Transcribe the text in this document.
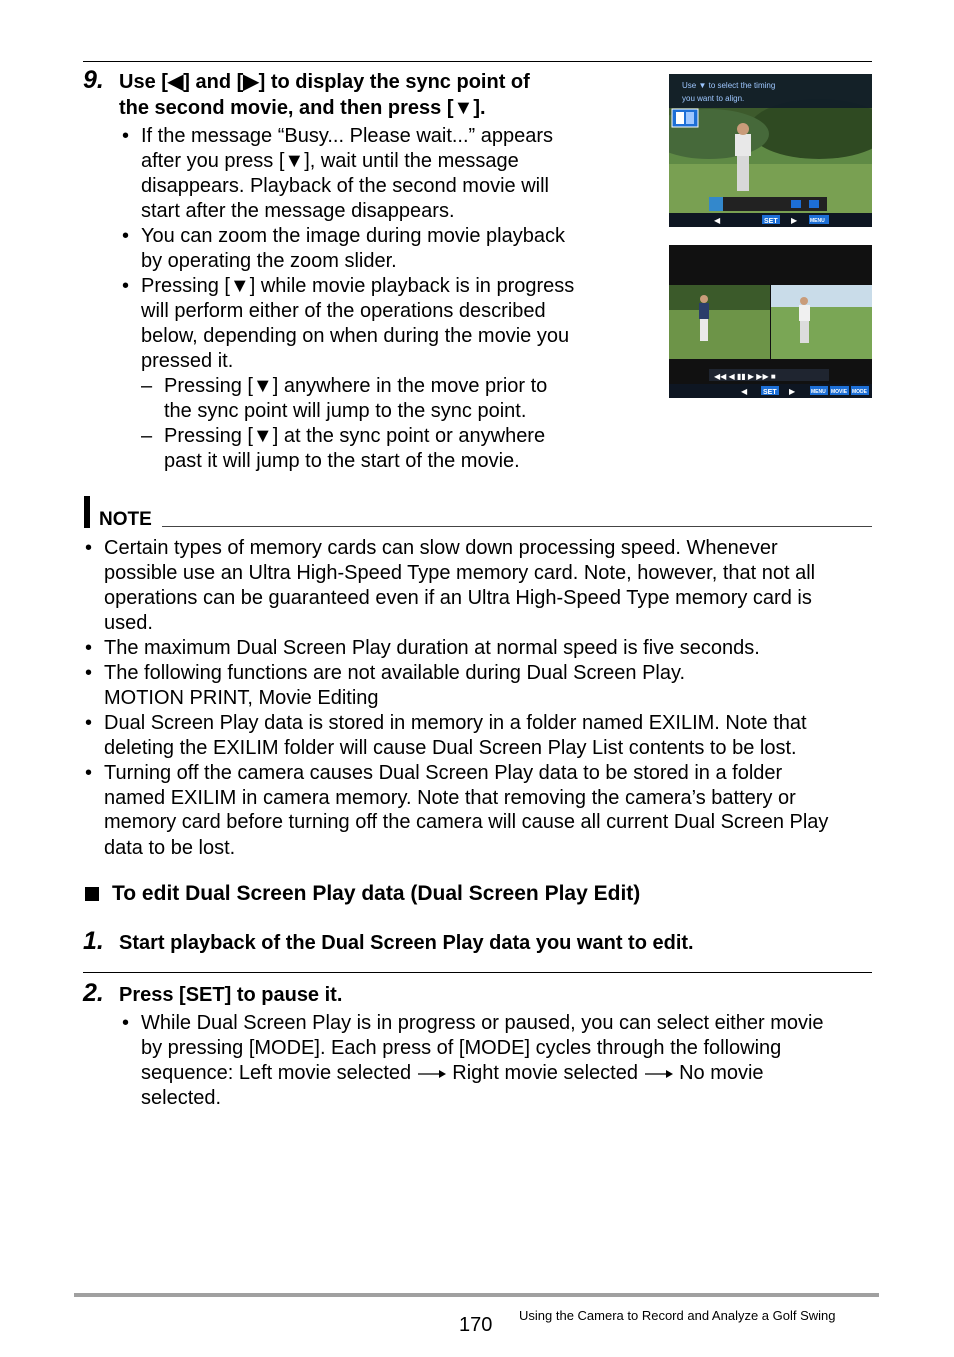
9. Use [◀] and [▶] to display the sync point of
the second movie, and then press [▼].
• If the message “Busy... Please wait...” appears
after you press [▼], wait until the message
disappears. Playback of the second movie will
start after the message disappears.
• You can zoom the image during movie playback
by operating the zoom slider.
• Pressing [▼] while movie playback is in progress
will perform either of the operations described
below, depending on when during the movie you
pressed it.
– Pressing [▼] anywhere in the move prior to
the sync point will jump to the sync point.
– Pressing [▼] at the sync point or anywhere
past it will jump to the start of the movie.
Use ▼ to select the timing
you want to align.
◀	SET ▶	MENU
◀◀ ◀ ▮▮ ▶ ▶▶ ■
◀ SET ▶	MENU MOVIE MODE
NOTE
• Certain types of memory cards can slow down processing speed. Whenever
possible use an Ultra High-Speed Type memory card. Note, however, that not all
operations can be guaranteed even if an Ultra High-Speed Type memory card is
used.
• The maximum Dual Screen Play duration at normal speed is five seconds.
• The following functions are not available during Dual Screen Play.
MOTION PRINT, Movie Editing
• Dual Screen Play data is stored in memory in a folder named EXILIM. Note that
deleting the EXILIM folder will cause Dual Screen Play List contents to be lost.
• Turning off the camera causes Dual Screen Play data to be stored in a folder
named EXILIM in camera memory. Note that removing the camera’s battery or
memory card before turning off the camera will cause all current Dual Screen Play
data to be lost.
To edit Dual Screen Play data (Dual Screen Play Edit)
1. Start playback of the Dual Screen Play data you want to edit.
2. Press [SET] to pause it.
• While Dual Screen Play is in progress or paused, you can select either movie
by pressing [MODE]. Each press of [MODE] cycles through the following
sequence: Left movie selected Right movie selected No movie
selected.
170 Using the Camera to Record and Analyze a Golf Swing
